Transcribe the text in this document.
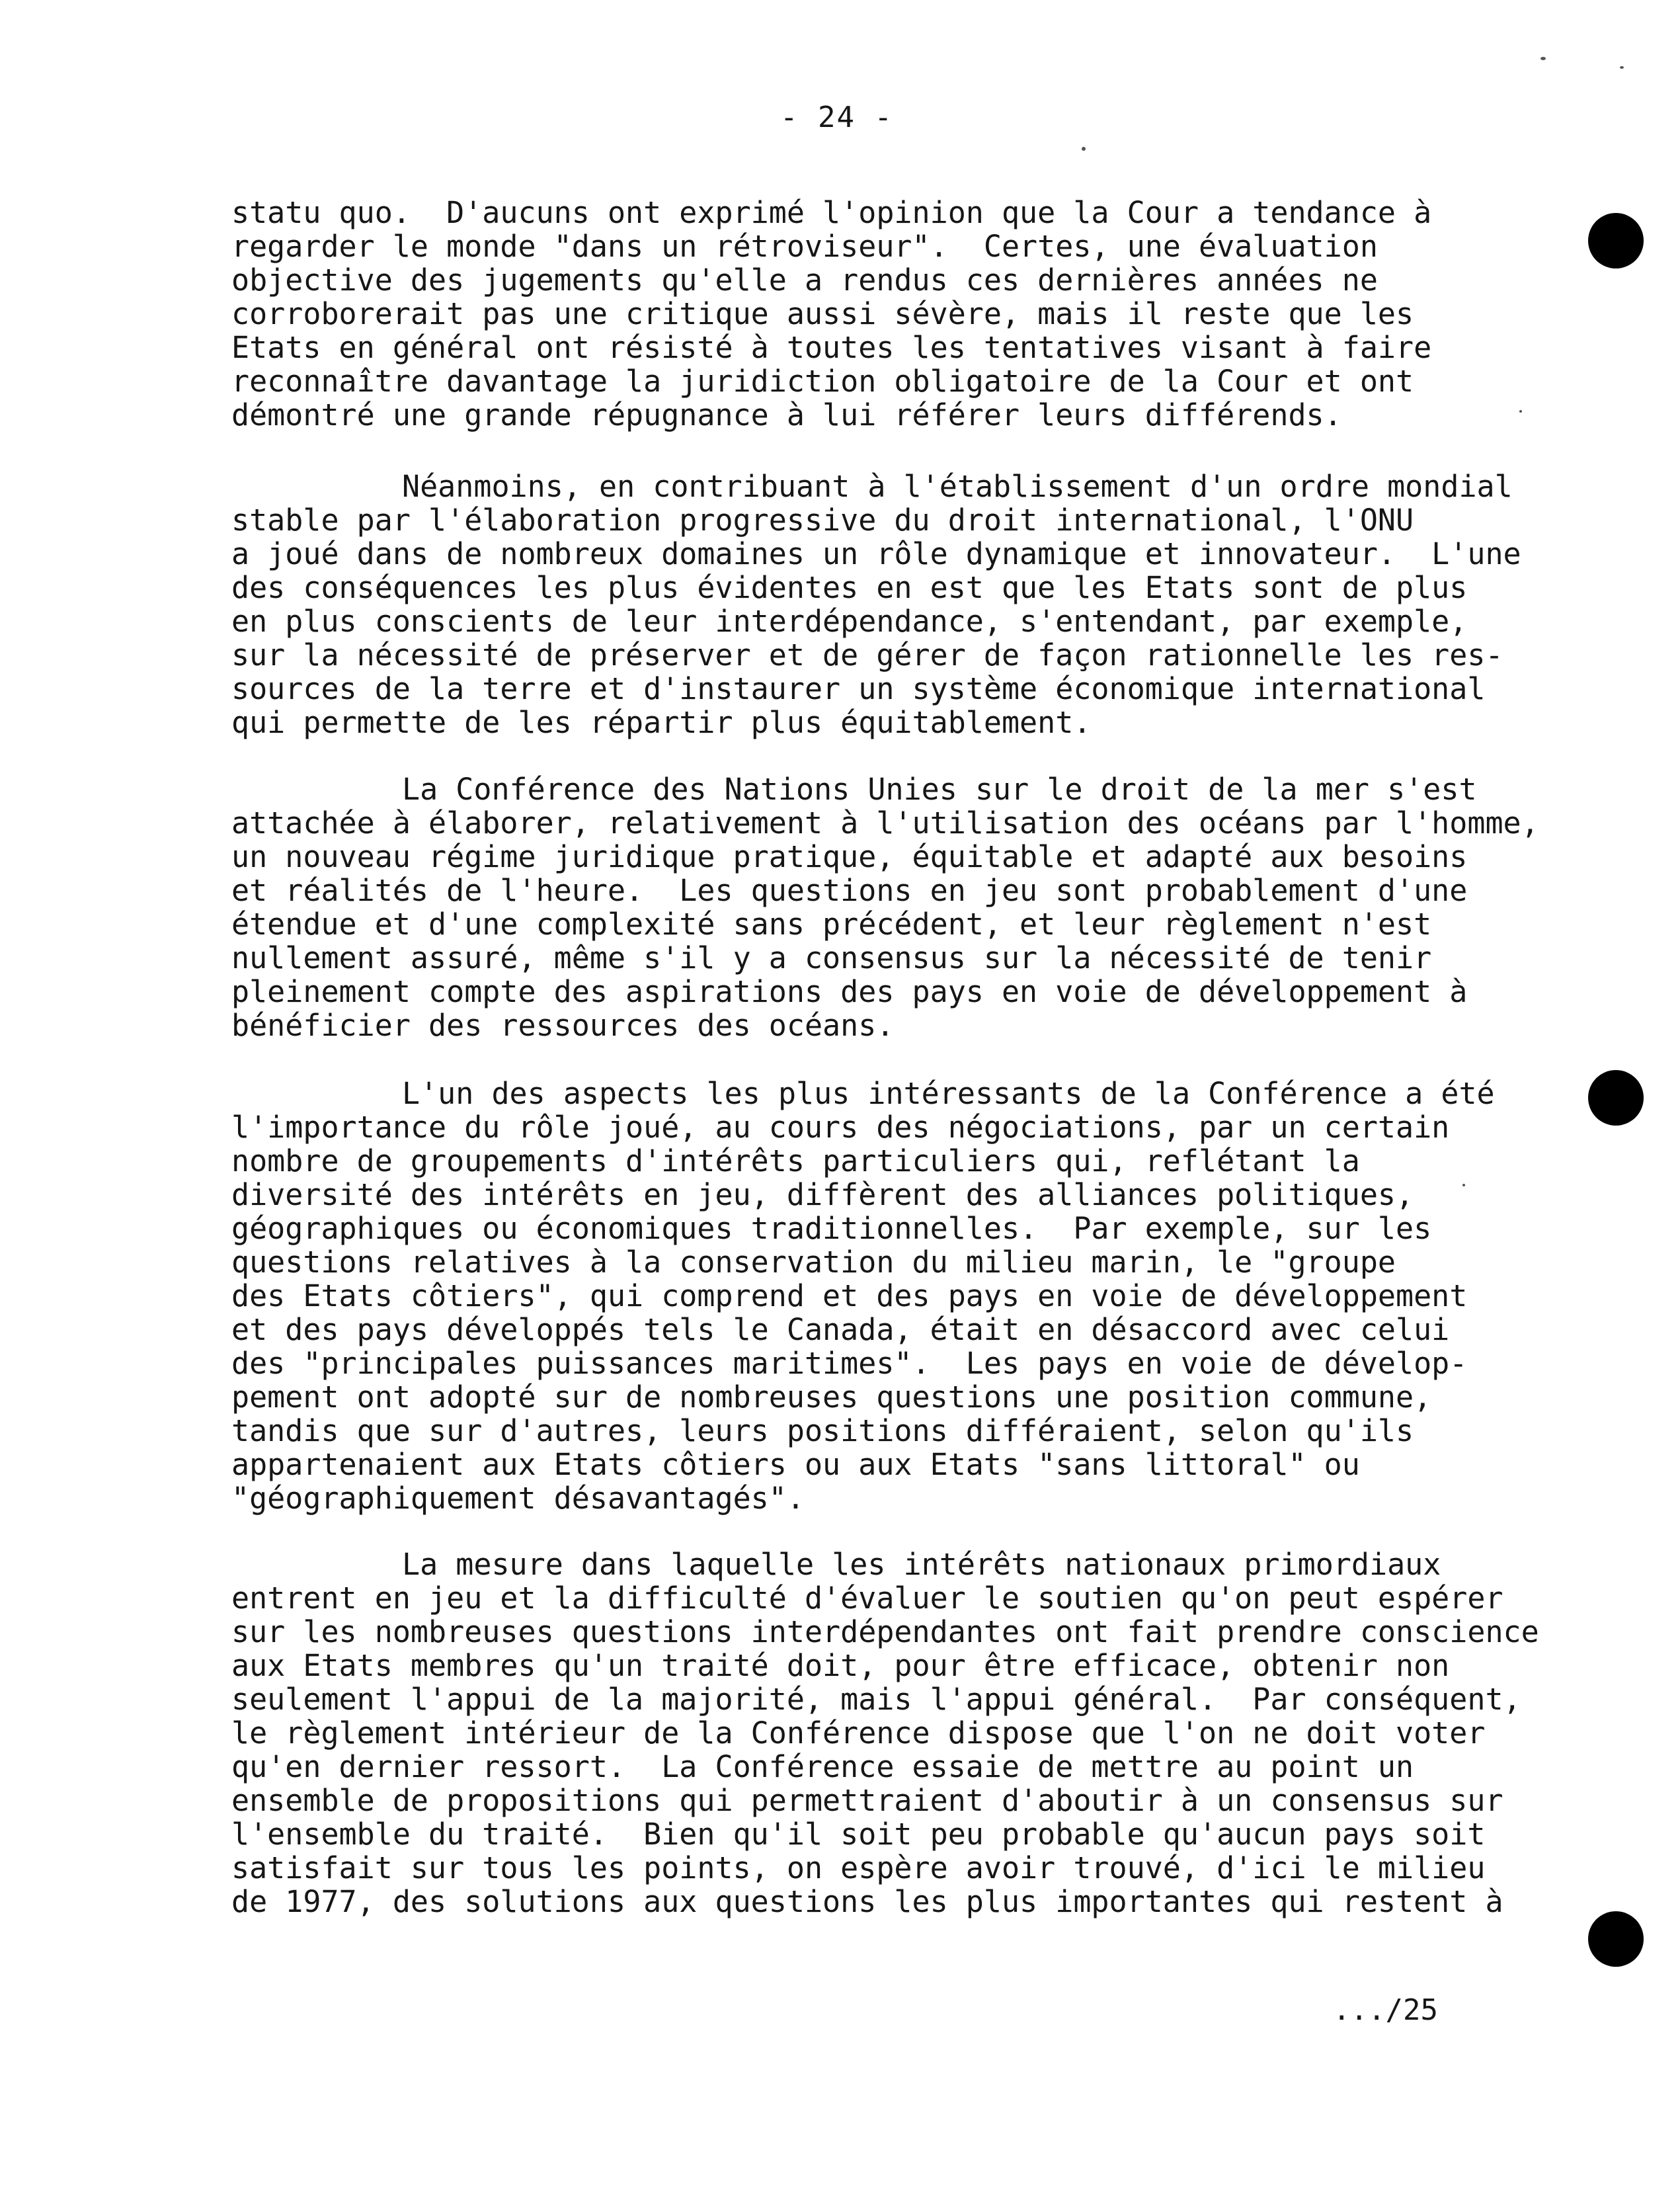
- 24 -
statu quo.  D'aucuns ont exprimé l'opinion que la Cour a tendance à
regarder le monde "dans un rétroviseur".  Certes, une évaluation
objective des jugements qu'elle a rendus ces dernières années ne
corroborerait pas une critique aussi sévère, mais il reste que les
Etats en général ont résisté à toutes les tentatives visant à faire
reconnaître davantage la juridiction obligatoire de la Cour et ont
démontré une grande répugnance à lui référer leurs différends.
Néanmoins, en contribuant à l'établissement d'un ordre mondial
stable par l'élaboration progressive du droit international, l'ONU
a joué dans de nombreux domaines un rôle dynamique et innovateur.  L'une
des conséquences les plus évidentes en est que les Etats sont de plus
en plus conscients de leur interdépendance, s'entendant, par exemple,
sur la nécessité de préserver et de gérer de façon rationnelle les res-
sources de la terre et d'instaurer un système économique international
qui permette de les répartir plus équitablement.
La Conférence des Nations Unies sur le droit de la mer s'est
attachée à élaborer, relativement à l'utilisation des océans par l'homme,
un nouveau régime juridique pratique, équitable et adapté aux besoins
et réalités de l'heure.  Les questions en jeu sont probablement d'une
étendue et d'une complexité sans précédent, et leur règlement n'est
nullement assuré, même s'il y a consensus sur la nécessité de tenir
pleinement compte des aspirations des pays en voie de développement à
bénéficier des ressources des océans.
L'un des aspects les plus intéressants de la Conférence a été
l'importance du rôle joué, au cours des négociations, par un certain
nombre de groupements d'intérêts particuliers qui, reflétant la
diversité des intérêts en jeu, diffèrent des alliances politiques,
géographiques ou économiques traditionnelles.  Par exemple, sur les
questions relatives à la conservation du milieu marin, le "groupe
des Etats côtiers", qui comprend et des pays en voie de développement
et des pays développés tels le Canada, était en désaccord avec celui
des "principales puissances maritimes".  Les pays en voie de dévelop-
pement ont adopté sur de nombreuses questions une position commune,
tandis que sur d'autres, leurs positions différaient, selon qu'ils
appartenaient aux Etats côtiers ou aux Etats "sans littoral" ou
"géographiquement désavantagés".
La mesure dans laquelle les intérêts nationaux primordiaux
entrent en jeu et la difficulté d'évaluer le soutien qu'on peut espérer
sur les nombreuses questions interdépendantes ont fait prendre conscience
aux Etats membres qu'un traité doit, pour être efficace, obtenir non
seulement l'appui de la majorité, mais l'appui général.  Par conséquent,
le règlement intérieur de la Conférence dispose que l'on ne doit voter
qu'en dernier ressort.  La Conférence essaie de mettre au point un
ensemble de propositions qui permettraient d'aboutir à un consensus sur
l'ensemble du traité.  Bien qu'il soit peu probable qu'aucun pays soit
satisfait sur tous les points, on espère avoir trouvé, d'ici le milieu
de 1977, des solutions aux questions les plus importantes qui restent à
.../25
